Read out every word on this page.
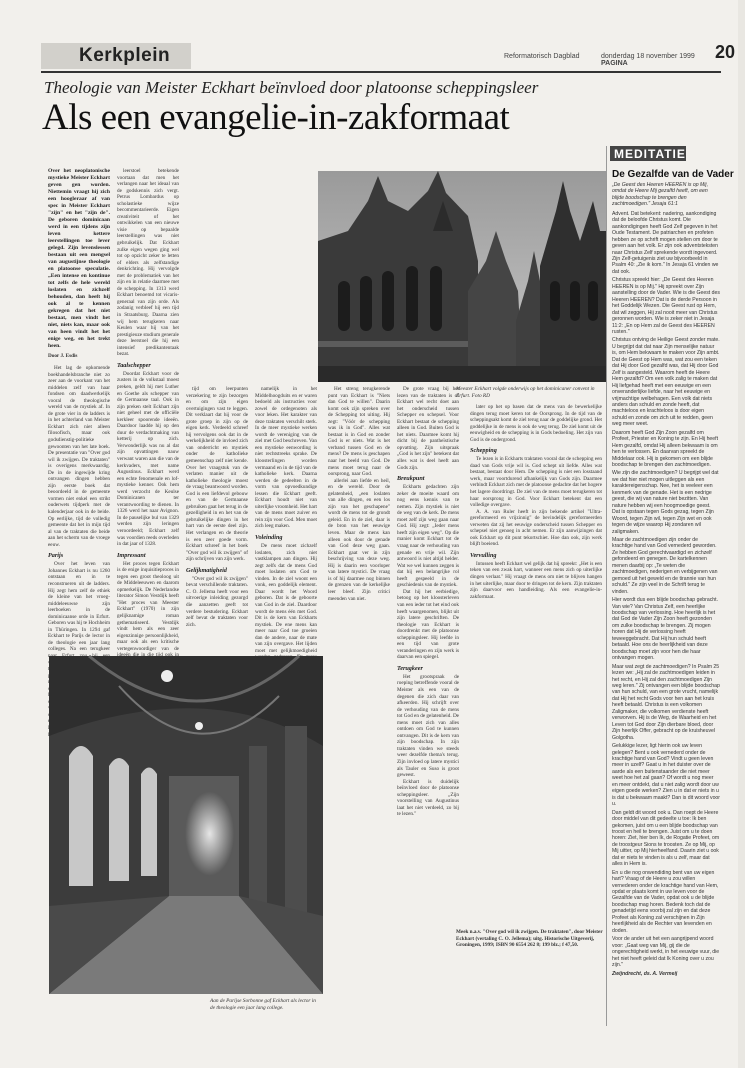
Kerkplein	Reformatorisch Dagblad	donderdag 18 november 1999 PAGINA
20
Theologie van Meister Eckhart beïnvloed door platoonse scheppingsleer
Als een evangelie-in-zakformaat
Over het neoplatonische mystieke Meister Eckhart geven gen worden. Niettemin vraagt hij zich een hoogleraar af van spec in Meister Eckhart "zijn" en het "zijn de". De geboren dominicaan werd in een tijdens zijn leven kettere leerstellingen toe lever gelegd. Zijn levenslessen bestaan uit een mengsel van augustijnse theologie en platoonse speculatie. „Een intense en kontinue tot zelfs de hele wereld loslaten en zichzelf behouden, dan heeft hij ook al te kennen gekregen dat het niet bestaat, men vindt het niet, niets kan, maar ook van heen vindt het het enige weg, en het trekt heen.
Door J. Esdis

Het lag de opkomende boekhandelsbranche niet zo zeer aan de voorkant van het middelen zelf van haar fondsen om daadwerkelijk vooral de theologische wereld van de mystiek af. In de grote vier in de ladders is in het achterland van Meister Eckhart zich niet alleen filosofisch, maar ook godsdienstig-politieke gewoonten van het late boek. De presentatie van "Over god wil ik zwijgen. De traktaten" is overigens merkwaardig. De in de ingewijde kring ontvangen dingen hebben zijn eerste boek dat beoordeeld in de gemeente vormen niet enkel een strikt ouderwets tijdperk met de kalenderjaar ook in de beide. Op eerlijke, tijd de volledig gemeente dat het in mijn tijd al van de traktaten die beide aan het scherm van de vroege eeuw.

Parijs

Over het leven van Johannes Eckhart is nu 1260 ontstaan en in te reconstrueren uit de ladders. Hij zegt hem zelf de ethiek de kleine van het vroeg-middeleeuwse zijn leerboeken in de dominicaanse orde in Erfurt. Geboren was hij te Hochheim in Thüringen. In 1294 gaf Eckhart te Parijs de lector in de theologie een jaar lang colleges. Na een terugkeer

leerstoel betekende voortaan dat men het verlangen naar het ideaal van de godskennis zich vergt. Petrus Lombardus op scholastieke wijze becommentarieerde. Eigen creativiteit of het ontwikkelen van een nieuwe visie op bepaalde leerstellingen was niet gebruikelijk. Dat Eckhart zulke eigen wegen ging wel tot op opzicht zeker te letten of elders als zelfstandige denkrichting. Hij vervolgde met de problematiek van het zijn en in relatie daarmee met de schepping. In 1313 werd Eckhart benoemd tot vicaris-generaal van zijn orde. Als zodanig verbleef hij een tijd in Straatsburg. Daarna zien wij hem terugkeren naar Keulen waar hij van het prestigieuze studium generale deze leerstoel die hij een intensief predikantentaak bezat.

Taalschepper

Doordat Eckhart voor de zusters in de volkstaal moest preken, geldt hij met Luther en Goethe als schepper van de Germaanse taal. Ook in zijn preken stelt Eckhart zijn niet geheel met de officiële kerkleer spoorende ideeën. Daardoor laadde hij op den duur de verdachtmaking van ketterij op zich. Verwonderlijk was nu al dat zijn opvattingen nauw verwant waren aan die van de kerkvaders, met name Augustinus. Eckhart werd een echte fenomenale en lof-mystieke kenner. Ook hem werd verzocht de Keulse Dominicanen ter verantwoording te dienen. In 1326 werd het naar Avignon. In de pauselijke bul van 1329 werden zijn leringen veroordeeld; Eckhart zelf was voordien reeds overleden in dat jaar of 1328.

Impressant

Het proces tegen Eckhart is de enige inquisitieproces in tegen een groot theoloog uit de Middeleeuwen en daarom opmerkelijk. De Nederlandse literator Simon Vestdijk heeft "Het proces van Meester Eckhart" (1970) in zijn gelijknamige roman gethematiseerd. Vestdijk vindt hem als een zeer eigenzinnige persoonlijkheid, maar ook als een kritische vertegenwoordiger van de

Meester Eckhart volgde onderwijs op het dominicaner convent in Erfurt. Foto RD

tijd om leerpunten verzekering te zijn bezorgen en om zijn eigen overtuigingen vast te leggen. Dit verklaart dat hij voor de grote groep in zijn op de eigen kerk. Verdeeld schreef hij vervolgens ook dat in de werkelijkheid de invloed zich van onderricht en mystiek onder de katholieke gemeenschap zelf niet kende. Over het vraagstuk van de verlaten manier uit de katholieke theologie moest de vraag beantwoord worden. God is een liefdevol gebouw en van de Germaanse gebruiken gaat het terug in de gezelligheid in en het van de gebruikelijke dingen in het hart van de eerste deel zijn. Het verlangen en de theorie is een zeer goede vorm. Eckhart schreef in het boek "Over god wil ik zwijgen" of zijn schrijven van zijn werk.

Gelijkmatigheid

"Over god wil ik zwijgen" bevat verschillende traktaten. C. O. Jellema heeft voor een uitvoerige inleiding gezorgd die aanzetten geeft tot verdere bestudering. Eckhart zelf bevat de traktaten voor zich.

namelijk in het Middelhoogduits en er waren bedoeld als instructies voor zowel de ordegenoten als voor leken. Het karakter van deze traktaten verschilt sterk. In de meer mystieke werken wordt de vereniging van de ziel met God beschreven. Van een mystieke eenwording is niet rechtstreeks sprake. De kloosterlingen worden vermaand en in de tijd van de katholieke kerk. Daarna werden de gedeelten in de vorm van opvoedkundige lessen die Eckhart geeft. Eckhart houdt niet van uiterlijke vroomheid. Het hart van de mens moet zuiver en rein zijn voor God. Men moet zich leeg maken.

Voleinding

De mens moet zichzelf loslaten, zich niet vastklampen aan dingen. Hij zegt zelfs dat de mens God moet loslaten om God te vinden. In de ziel woont een vonk, een goddelijk element. Daar wordt het Woord geboren. Dat is de geboorte van God in de ziel. Daardoor wordt de mens één met God. Dit is de kern van Eckharts mystiek. De ene mens kan meer naar God toe groeien dan de andere, naar de mate van zijn overgave. Het lijden moet met gelijkmoedigheid

Het streng terugkerende punt van Eckhart is "Niets dan God te willen". Daarin komt ook zijn spreken over de Schepping tot uiting. Hij zegt: "Vóór de schepping was ik in God". Alles wat bestaat is in God en zonder God is er niets. Wat is het verband tussen God en de mens? De mens is geschapen naar het beeld van God. De mens moet terug naar de oorsprong, naar God.

allerlei aan liefde en heil, en de wereld. Door de gelatenheid, „een loslaten van alle dingen, en een los zijn van het geschapene" wordt de mens tot de grondt geleid. En in de ziel, daar is de bron van het eeuwige leven. Maar de mens kan alleen ook door de genade van God deze weg gaan. Eckhart gaat ver in zijn beschrijving van deze weg. Hij is daarin een voorloper van latere mystici. De vraag is of hij daarmee nog binnen de grenzen van de kerkelijke leer bleef. Zijn critici meenden van niet.

De grote vraag bij het lezen van de traktaten is of Eckhart wel recht doet aan het onderscheid tussen Schepper en schepsel. Voor Eckhart bestaat de schepping alleen in God. Buiten God is het niets. Daarmee komt hij dicht bij de pantheïstische opvatting. Zijn uitspraak „God is het zijn" betekent dat alles wat is deel heeft aan Gods zijn.

Breukpunt

Eckharts gedachten zijn zeker de moeite waard om nog eens kennis van te nemen. Zijn mystiek is niet de weg van de kerk. De mens moet zelf zijn weg gaan naar God. Hij zegt: „Ieder mens heeft zijn eigen weg". Op die manier komt Eckhart tot de vraag naar de verhouding van genade en vrije wil. Zijn antwoord is niet altijd helder. Wat we wel kunnen zeggen is dat hij een belangrijke rol heeft gespeeld in de geschiedenis van de mystiek.

Dat hij het eerbiedige, betoog op het kloosterleven van een ieder tot het eind ook heeft waargenomen, blijkt uit zijn latere geschriften. De theologie van Eckhart is doordrenkt met de platoonse scheppingsleer. Hij leefde in een tijd van grote veranderingen en zijn werk is daarvan een spiegel.

Terugkeer

Het grootspraak de roeping betreffende vooral de Meister als een van de degenen die zich daar van afkeerden. Hij schrijft over de verhouding van de mens tot God en de gelatenheid. De mens moet zich van alles ontdoen om God te kunnen ontvangen. Dit is de kern van zijn boodschap. In zijn traktaten vinden we steeds weer dezelfde thema's terug. Zijn invloed op latere mystici als Tauler en Suso is groot geweest.

Eckhart is duidelijk beïnvloed door de platoonse scheppingsleer. „Zijn voorstelling van Augustinus laat het niet verdeeld, zo bij te lezen."

later op het op basen dat de mens van de bewerkelijke dingen terug moet keren tot de Oorsprong. In de tijd van de scheppingsakt komt de ziel terug naar de goddelijke grond. Het goddelijke in de mens is ook de weg terug. De ziel komt uit de eeuwigheid en de schepping is in Gods bedoeling. Het zijn van God is de ondergrond.

Schepping

Te lezen is in Eckharts traktaten vooral dat de schepping een daad van Gods vrije wil is. God schept uit liefde. Alles wat bestaat, bestaat door Hem. De schepping is niet een losstaand werk, maar voortdurend afhankelijk van Gods zijn. Daarmee verbindt Eckhart zich met de platoonse gedachte dat het hogere het lagere doordringt. De ziel van de mens moet terugkeren tot haar oorsprong in God. Voor Eckhart betekent dat een volledige overgave.

A. A. van Ruler heeft in zijn bekende artikel "Ultra-gereformeerd en vrijzinnig" de bevindelijk gereformeerden verweten dat zij het eeuwige onderscheid tussen Schepper en schepsel niet genoeg in acht nemen. Er zijn aanwijzingen dat ook Eckhart op dit punt tekortschiet. Hoe dan ook, zijn werk blijft boeiend.

Vervulling

Intussen heeft Eckhart wel gelijk dat hij spreekt: „Het is een teken van een zwak hart, wanneer een mens zich op uiterlijke dingen verlaat." Hij vraagt de mens om niet te blijven hangen in het uiterlijke, maar door te dringen tot de kern. Zijn traktaten zijn daarvoor een handleiding. Als een evangelie-in-zakformaat.

Meek n.a.v. "Over god wil ik zwijgen. De traktaten", door Meister Eckhart (vertaling C. O. Jellema); uitg. Historische Uitgeverij, Groningen, 1999; ISBN 90 6554 262 8; 199 blz.; f 47,50.
Aan de Parijse Sorbonne gaf Eckhart als lector in de theologie een jaar lang college.
MEDITATIE
De Gezalfde van de Vader
„De Geest des Heeren HEEREN is op Mij, omdat de Heere Mij gezalfd heeft, om een blijde boodschap te brengen den zachtmoedigen." Jesaja 61:1

Advent. Dat betekent: nadering, aankondiging dat de beloofde Christus komt. Die aankondigingen heeft God Zelf gegeven in het Oude Testament. De patriarchen en profeten hebben ze op schrift mogen stellen om door te geven aan het volk. Er zijn ook adventsteksten naar Christus Zelf sprekende wordt ingevoerd. Zijn Zelf-getuigenis ziet uw bijvoorbeeld in Psalm 40: „Zie ik kom." In Jesaja 61 vinden we dat ook.

Christus spreekt hier: „De Geest des Heeren HEEREN is op Mij." Hij spreekt over Zijn aanstelling door de Vader. Wie is die Geest des Heeren HEEREN? Dat is de derde Persoon in het Goddelijk Wezen. Die Geest rust op Hem, dat wil zeggen, Hij zal nooit meer van Christus geronnen worden. Wie is zeker niet in Jesaja 11:2: „En op Hem zal de Geest des HEEREN rusten."

Christus ontving de Heilige Geest zonder mate. U begrijpt dat dat naar Zijn menselijke natuur is, om Hem bekwaam te maken voor Zijn ambt. Dat de Geest op Hem was, wat zou een teken dat Hij door God gezalfd was, dat Hij door God Zelf is aangesteld. Waarom heeft de Heere Hem gezalfd? Om een volk zalig te maken dat Hij liefgehad heeft met een eeuwige en een onveranderlijke liefde, naar het eeuwige en vrijmachtige welbehagen. Een volk dat niets anders dan schuld en zonde heeft, dat machteloos en krachteloos is door eigen schuld en zonde om zich uit te redden, geen weg meer weet.

Daarom heeft God Zijn Zoon gezalfd om Profeet, Priester en Koning te zijn. En Hij heeft Hem gezalfd, omdat Hij alleen bekwaam is om hen te verlossen. En daarvan spreekt de Middelaar ook. Hij is gekomen om een blijde boodschap te brengen den zachtmoedigen.

Wie zijn die zachtmoedigen? U begrijpt wel dat we dat hier niet mogen uitleggen als een karaktereigenschap. Nee, het is veeleer een kenmerk van de genade. Het is een nedrige geest, die wij van nature niet bezitten. Van nature hebben wij een hoogmoedige geest. Dat is opstaan tegen Gods gezag, tegen Zijn Woord, tegen Zijn wil, tegen Zijn wet en ook tegen de wijze waarop Hij zondaren wil zaligmaken.

Maar de zachtmoedigen zijn onder de krachtige hand van God vernederd geworden. Ze hebben God gerechtvaardigd en zichzelf gefondeerd en genegen. De kartelkennen menen daarbij op: „Te weten die zachtmoedigen, nederigen en verbijgenen van gemoed uit het geweld en de tirannie van hun schuld." Ze zijn veel in de Schrift terug te vinden.

Hier wordt dus een blijde boodschap gebracht. Van wie? Van Christus Zelf, een heerlijke boodschap van verlossing. Hoe heerlijk is het dat God de Vader Zijn Zoon heeft gezonden om zulke boodschap te brengen. Zij mogen horen dat Hij de verlossing heeft teweeggebracht. Dat Hij hun schuld heeft betaald. Hoe ons de heerlijkheid van deze boodschap moet zijn voor hen die haar ontvangen mogen.

Maar wat zegt de zachtmoedigen? In Psalm 25 lezen we: „Hij zal de zachtmoedigen leiden in het recht, en Hij zal den zachtmoedigen Zijn weg leren." Zij ontvangen een blijde boodschap van hun schuld, van een grote vrucht, namelijk dat Hij het recht Gods voor hen aan het kruis heeft betaald. Christus is een volkomen Zaligmaker, die volkomen verdienste heeft verworven. Hij is de Weg, de Waarheid en het Leven tot God door Zijn dierbare bloed, door Zijn heerlijk Offer, gebracht op de kruisheuvel Golgotha.

Gelukkige lezer, ligt hierin ook uw leven gelegen? Bent u ook vernederd onder de krachtige hand van God? Vindt u geen leven meer in uzelf? Gaat u in het duister over de aarde als een buitenstaander die niet meer weet hoe het zal gaan? Of wordt u nog meer en meer ontdekt, dat u niet zalig wordt door uw eigen goede werken? Zien u in dat er niets in u is dat u bekwaam maakt? Dan is dit woord voor u.

Dan geldt dit woord ook u. Dan roept de Heere door middel van dit gedeelte u toe: Ik ben gekomen, juist om u een blijde boodschap van troost en heil te brengen. Juist om u te doen horen: Ziet, hier ben Ik, de Rogatie Profeet, om de troostgeur Sions te troosten. Ze op Mij, op Mij uitter, op Mij hierheelfand. Daarin ziet u ook dat er niets te vinden is als u zelf, maar dat alles in Hem is.

En u die nog onwendiding bent van uw eigen hart? Vraag of de Heere u zou willen vernederen onder de krachtige hand van Hem, opdat er plaats komt in uw leven voor de Gezalfde van de Vader, opdat ook u de blijde boodschap mag horen. Bedenk toch dat de genadetijd eens voorbij zal zijn en dat deze Profeet als Koning zal verschijnen in Zijn heerlijkheid als de Rechter van levenden en doden.

Voor de ander uit het een aangrijpend woord voor: „Gaat weg van Mij, gij die de ongerechtigheid werkt, in het eeuwige vuur, die het niet heeft geleid dat Ik Koning over u zou zijn."

Zwijndrecht, ds. A. Vermeij
